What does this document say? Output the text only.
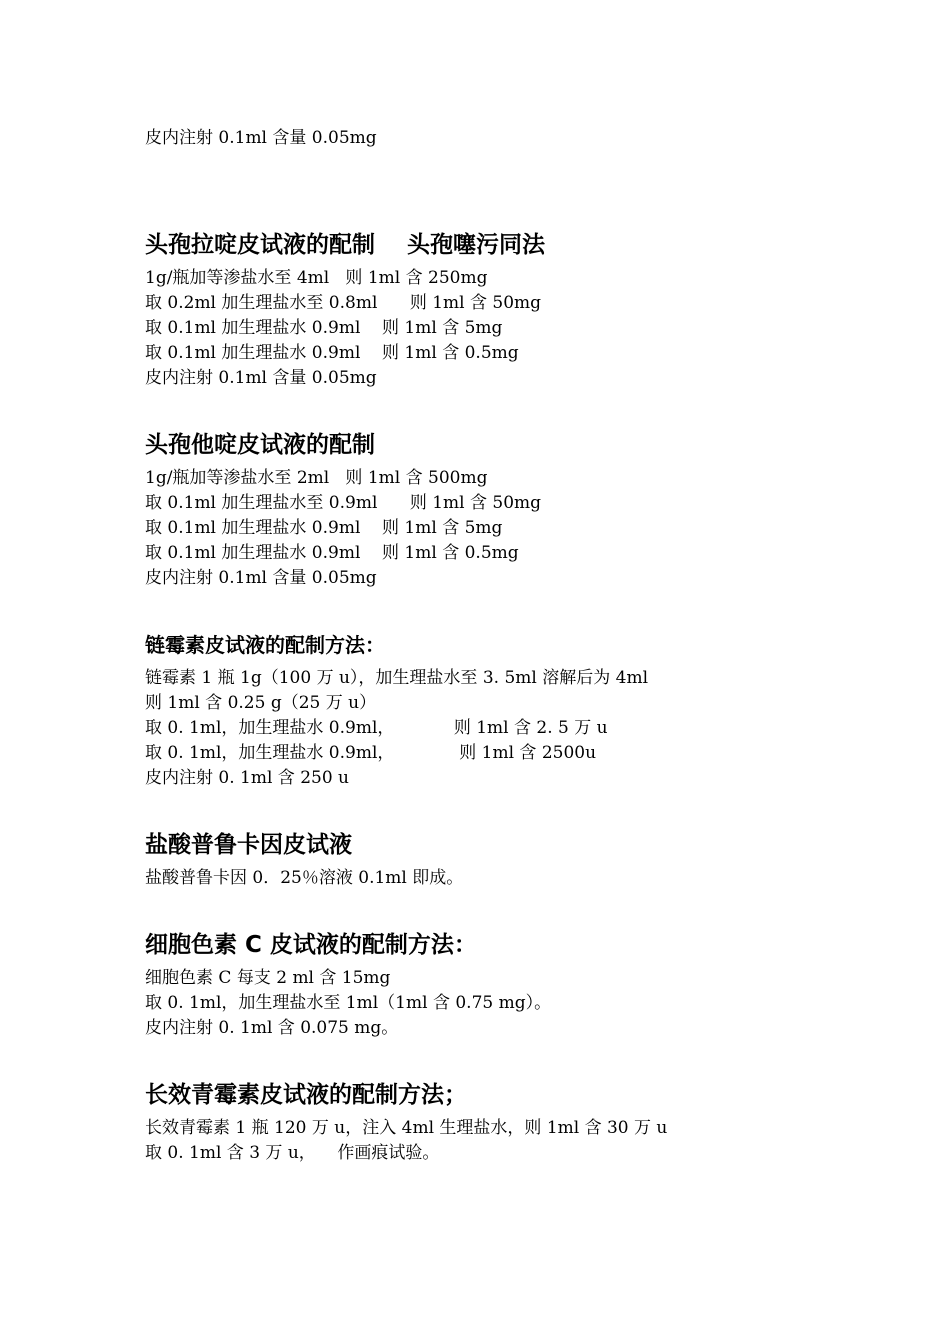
皮内注射 0.1ml 含量 0.05mg
头孢拉啶皮试液的配制    头孢噻污同法
1g/瓶加等渗盐水至 4ml   则 1ml 含 250mg
取 0.2ml 加生理盐水至 0.8ml      则 1ml 含 50mg
取 0.1ml 加生理盐水 0.9ml    则 1ml 含 5mg
取 0.1ml 加生理盐水 0.9ml    则 1ml 含 0.5mg
皮内注射 0.1ml 含量 0.05mg
头孢他啶皮试液的配制
1g/瓶加等渗盐水至 2ml   则 1ml 含 500mg
取 0.1ml 加生理盐水至 0.9ml      则 1ml 含 50mg
取 0.1ml 加生理盐水 0.9ml    则 1ml 含 5mg
取 0.1ml 加生理盐水 0.9ml    则 1ml 含 0.5mg
皮内注射 0.1ml 含量 0.05mg
链霉素皮试液的配制方法：
链霉素 1 瓶 1g（100 万 u），加生理盐水至 3. 5ml 溶解后为 4ml
则 1ml 含 0.25 g（25 万 u）
取 0. 1ml，加生理盐水 0.9ml，           则 1ml 含 2. 5 万 u
取 0. 1ml，加生理盐水 0.9ml，            则 1ml 含 2500u
皮内注射 0. 1ml 含 250 u
盐酸普鲁卡因皮试液
盐酸普鲁卡因 0．25％溶液 0.1ml 即成。
细胞色素 C 皮试液的配制方法：
细胞色素 C 每支 2 ml 含 15mg
取 0. 1ml，加生理盐水至 1ml（1ml 含 0.75 mg）。
皮内注射 0. 1ml 含 0.075 mg。
长效青霉素皮试液的配制方法；
长效青霉素 1 瓶 120 万 u，注入 4ml 生理盐水，则 1ml 含 30 万 u
取 0. 1ml 含 3 万 u，    作画痕试验。
